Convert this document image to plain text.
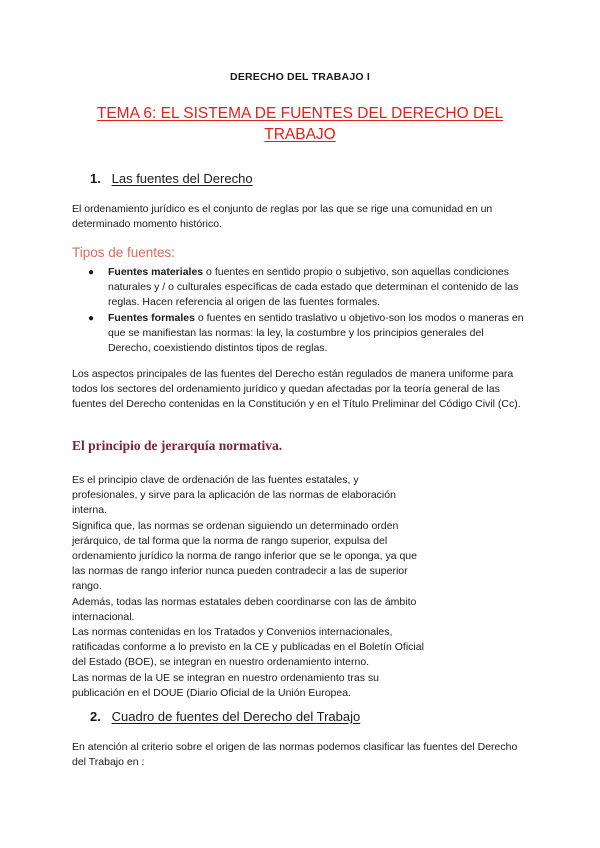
DERECHO DEL TRABAJO I
TEMA 6: EL SISTEMA DE FUENTES DEL DERECHO DEL TRABAJO
1. Las fuentes del Derecho

El ordenamiento jurídico es el conjunto de reglas por las que se rige una comunidad en un determinado momento histórico.

Tipos de fuentes:
● Fuentes materiales o fuentes en sentido propio o subjetivo, son aquellas condiciones naturales y / o culturales específicas de cada estado que determinan el contenido de las reglas. Hacen referencia al origen de las fuentes formales.
● Fuentes formales o fuentes en sentido traslativo u objetivo-son los modos o maneras en que se manifiestan las normas: la ley, la costumbre y los principios generales del Derecho, coexistiendo distintos tipos de reglas.

Los aspectos principales de las fuentes del Derecho están regulados de manera uniforme para todos los sectores del ordenamiento jurídico y quedan afectadas por la teoría general de las fuentes del Derecho contenidas en la Constitución y en el Título Preliminar del Código Civil (Cc).

El principio de jerarquía normativa.
Es el principio clave de ordenación de las fuentes estatales, y
profesionales, y sirve para la aplicación de las normas de elaboración
interna.
Significa que, las normas se ordenan siguiendo un determinado orden
jerárquico, de tal forma que la norma de rango superior, expulsa del
ordenamiento jurídico la norma de rango inferior que se le oponga, ya que
las normas de rango inferior nunca pueden contradecir a las de superior
rango.
Además, todas las normas estatales deben coordinarse con las de ámbito
internacional.
Las normas contenidas en los Tratados y Convenios internacionales,
ratificadas conforme a lo previsto en la CE y publicadas en el Boletín Oficial
del Estado (BOE), se integran en nuestro ordenamiento interno.
Las normas de la UE se integran en nuestro ordenamiento tras su
publicación en el DOUE (Diario Oficial de la Unión Europea.
2. Cuadro de fuentes del Derecho del Trabajo

En atención al criterio sobre el origen de las normas podemos clasificar las fuentes del Derecho del Trabajo en :
